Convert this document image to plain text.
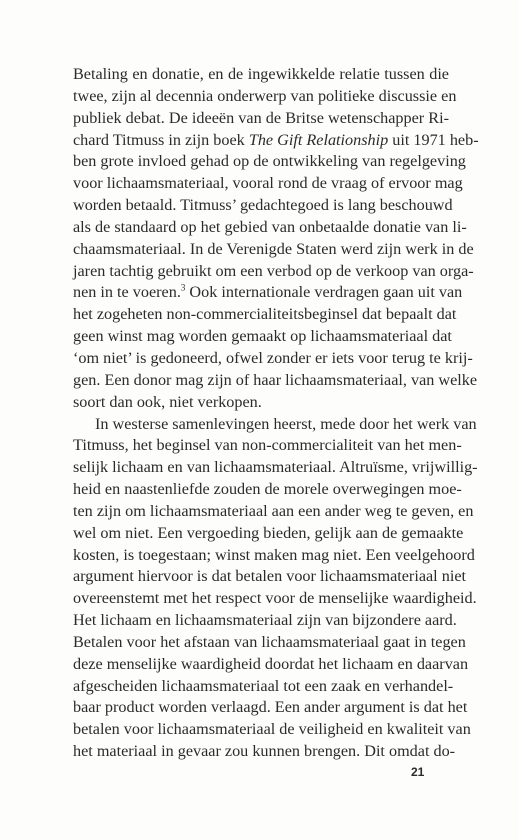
Betaling en donatie, en de ingewikkelde relatie tussen die
twee, zijn al decennia onderwerp van politieke discussie en
publiek debat. De ideeën van de Britse wetenschapper Ri-
chard Titmuss in zijn boek The Gift Relationship uit 1971 heb-
ben grote invloed gehad op de ontwikkeling van regelgeving
voor lichaamsmateriaal, vooral rond de vraag of ervoor mag
worden betaald. Titmuss’ gedachtegoed is lang beschouwd
als de standaard op het gebied van onbetaalde donatie van li-
chaamsmateriaal. In de Verenigde Staten werd zijn werk in de
jaren tachtig gebruikt om een verbod op de verkoop van orga-
nen in te voeren.$^3$ Ook internationale verdragen gaan uit van
het zogeheten non-commercialiteitsbeginsel dat bepaalt dat
geen winst mag worden gemaakt op lichaamsmateriaal dat
‘om niet’ is gedoneerd, ofwel zonder er iets voor terug te krij-
gen. Een donor mag zijn of haar lichaamsmateriaal, van welke
soort dan ook, niet verkopen.
In westerse samenlevingen heerst, mede door het werk van
Titmuss, het beginsel van non-commercialiteit van het men-
selijk lichaam en van lichaamsmateriaal. Altruïsme, vrijwillig-
heid en naastenliefde zouden de morele overwegingen moe-
ten zijn om lichaamsmateriaal aan een ander weg te geven, en
wel om niet. Een vergoeding bieden, gelijk aan de gemaakte
kosten, is toegestaan; winst maken mag niet. Een veelgehoord
argument hiervoor is dat betalen voor lichaamsmateriaal niet
overeenstemt met het respect voor de menselijke waardigheid.
Het lichaam en lichaamsmateriaal zijn van bijzondere aard.
Betalen voor het afstaan van lichaamsmateriaal gaat in tegen
deze menselijke waardigheid doordat het lichaam en daarvan
afgescheiden lichaamsmateriaal tot een zaak en verhandel-
baar product worden verlaagd. Een ander argument is dat het
betalen voor lichaamsmateriaal de veiligheid en kwaliteit van
het materiaal in gevaar zou kunnen brengen. Dit omdat do-
21
